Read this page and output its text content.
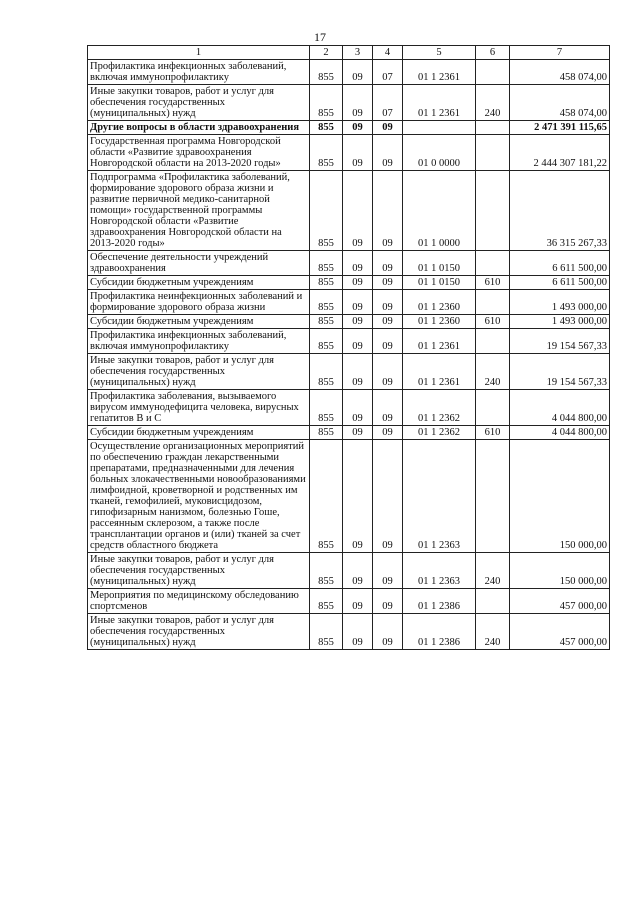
17
1	2	3	4	5	6	7
Профилактика инфекционных заболеваний, включая иммунопрофилактику	855	09	07	01 1 2361		458 074,00
Иные закупки товаров, работ и услуг для обеспечения государственных (муниципальных) нужд	855	09	07	01 1 2361	240	458 074,00
Другие вопросы в области здравоохранения	855	09	09			2 471 391 115,65
Государственная программа Новгородской области «Развитие здравоохранения Новгородской области на 2013-2020 годы»	855	09	09	01 0 0000		2 444 307 181,22
Подпрограмма «Профилактика заболеваний, формирование здорового образа жизни и развитие первичной медико-санитарной помощи» государственной программы Новгородской области «Развитие здравоохранения Новгородской области на 2013-2020 годы»	855	09	09	01 1 0000		36 315 267,33
Обеспечение деятельности учреждений здравоохранения	855	09	09	01 1 0150		6 611 500,00
Субсидии бюджетным учреждениям	855	09	09	01 1 0150	610	6 611 500,00
Профилактика неинфекционных заболеваний и формирование здорового образа жизни	855	09	09	01 1 2360		1 493 000,00
Субсидии бюджетным учреждениям	855	09	09	01 1 2360	610	1 493 000,00
Профилактика инфекционных заболеваний, включая иммунопрофилактику	855	09	09	01 1 2361		19 154 567,33
Иные закупки товаров, работ и услуг для обеспечения государственных (муниципальных) нужд	855	09	09	01 1 2361	240	19 154 567,33
Профилактика заболевания, вызываемого вирусом иммунодефицита человека, вирусных гепатитов В и С	855	09	09	01 1 2362		4 044 800,00
Субсидии бюджетным учреждениям	855	09	09	01 1 2362	610	4 044 800,00
Осуществление организационных мероприятий по обеспечению граждан лекарственными препаратами, предназначенными для лечения больных злокачественными новообразованиями лимфоидной, кроветворной и родственных им тканей, гемофилией, муковисцидозом, гипофизарным нанизмом, болезнью Гоше, рассеянным склерозом, а также после трансплантации органов и (или) тканей за счет средств областного бюджета	855	09	09	01 1 2363		150 000,00
Иные закупки товаров, работ и услуг для обеспечения государственных (муниципальных) нужд	855	09	09	01 1 2363	240	150 000,00
Мероприятия по медицинскому обследованию спортсменов	855	09	09	01 1 2386		457 000,00
Иные закупки товаров, работ и услуг для обеспечения государственных (муниципальных) нужд	855	09	09	01 1 2386	240	457 000,00
